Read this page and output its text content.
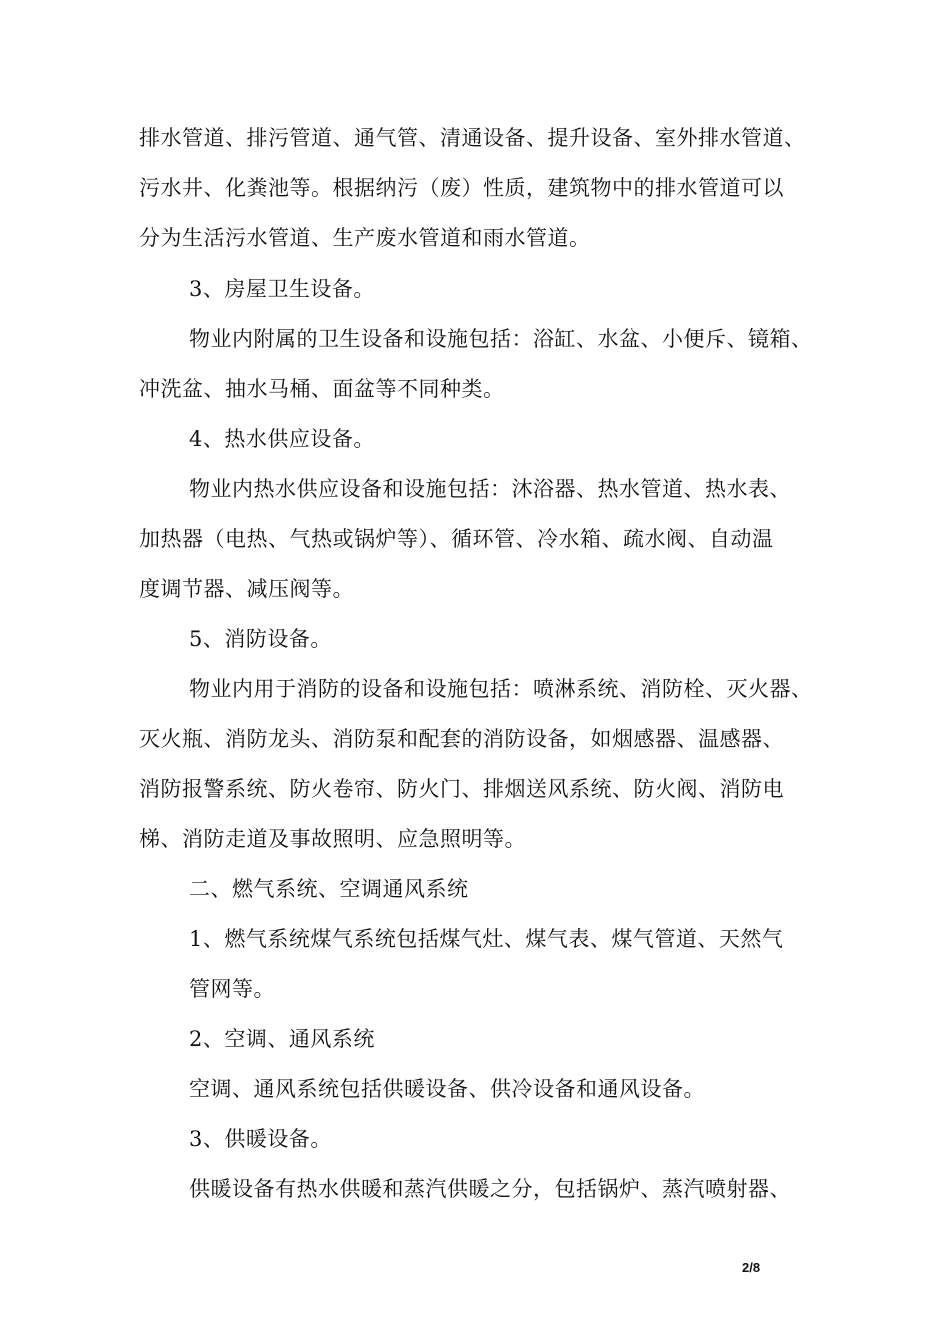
排水管道、排污管道、通气管、清通设备、提升设备、室外排水管道、
污水井、化粪池等。根据纳污（废）性质，建筑物中的排水管道可以
分为生活污水管道、生产废水管道和雨水管道。
3、房屋卫生设备。
物业内附属的卫生设备和设施包括：浴缸、水盆、小便斥、镜箱、
冲洗盆、抽水马桶、面盆等不同种类。
4、热水供应设备。
物业内热水供应设备和设施包括：沐浴器、热水管道、热水表、
加热器（电热、气热或锅炉等）、循环管、冷水箱、疏水阀、自动温
度调节器、减压阀等。
5、消防设备。
物业内用于消防的设备和设施包括：喷淋系统、消防栓、灭火器、
灭火瓶、消防龙头、消防泵和配套的消防设备，如烟感器、温感器、
消防报警系统、防火卷帘、防火门、排烟送风系统、防火阀、消防电
梯、消防走道及事故照明、应急照明等。
二、燃气系统、空调通风系统
1、燃气系统煤气系统包括煤气灶、煤气表、煤气管道、天然气
管网等。
2、空调、通风系统
空调、通风系统包括供暖设备、供冷设备和通风设备。
3、供暖设备。
供暖设备有热水供暖和蒸汽供暖之分，包括锅炉、蒸汽喷射器、
2/8
